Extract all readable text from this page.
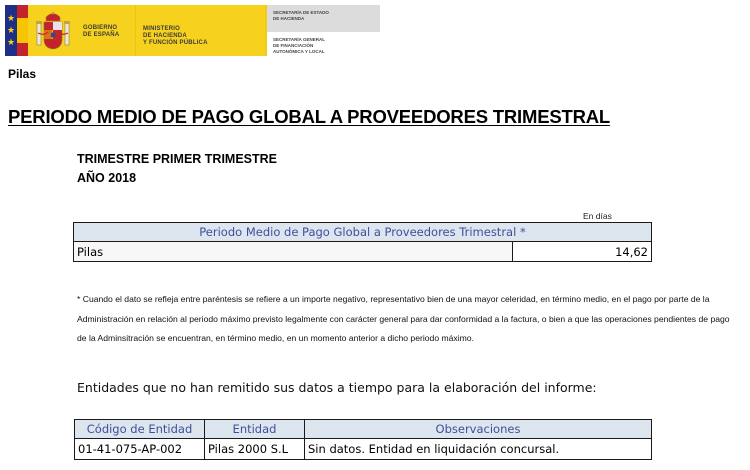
★
★
★
GOBIERNO
DE ESPAÑA
MINISTERIO
DE HACIENDA
Y FUNCIÓN PÚBLICA
SECRETARÍA DE ESTADO
DE HACIENDA
SECRETARÍA GENERAL
DE FINANCIACIÓN
AUTONÓMICA Y LOCAL
Pilas
PERIODO MEDIO DE PAGO GLOBAL A PROVEEDORES TRIMESTRAL
TRIMESTRE PRIMER TRIMESTRE
AÑO 2018
En días
Periodo Medio de Pago Global a Proveedores Trimestral *
Pilas	14,62

* Cuando el dato se refleja entre paréntesis se refiere a un importe negativo, representativo bien de una mayor celeridad, en término medio, en el pago por parte de la Administración en relación al periodo máximo previsto legalmente con carácter general para dar conformidad a la factura, o bien a que las operaciones pendientes de pago de la Adminsitración se encuentran, en término medio, en un momento anterior a dicho periodo máximo.

Entidades que no han remitido sus datos a tiempo para la elaboración del informe:
Código de Entidad	Entidad	Observaciones
01-41-075-AP-002	Pilas 2000 S.L	Sin datos. Entidad en liquidación concursal.
